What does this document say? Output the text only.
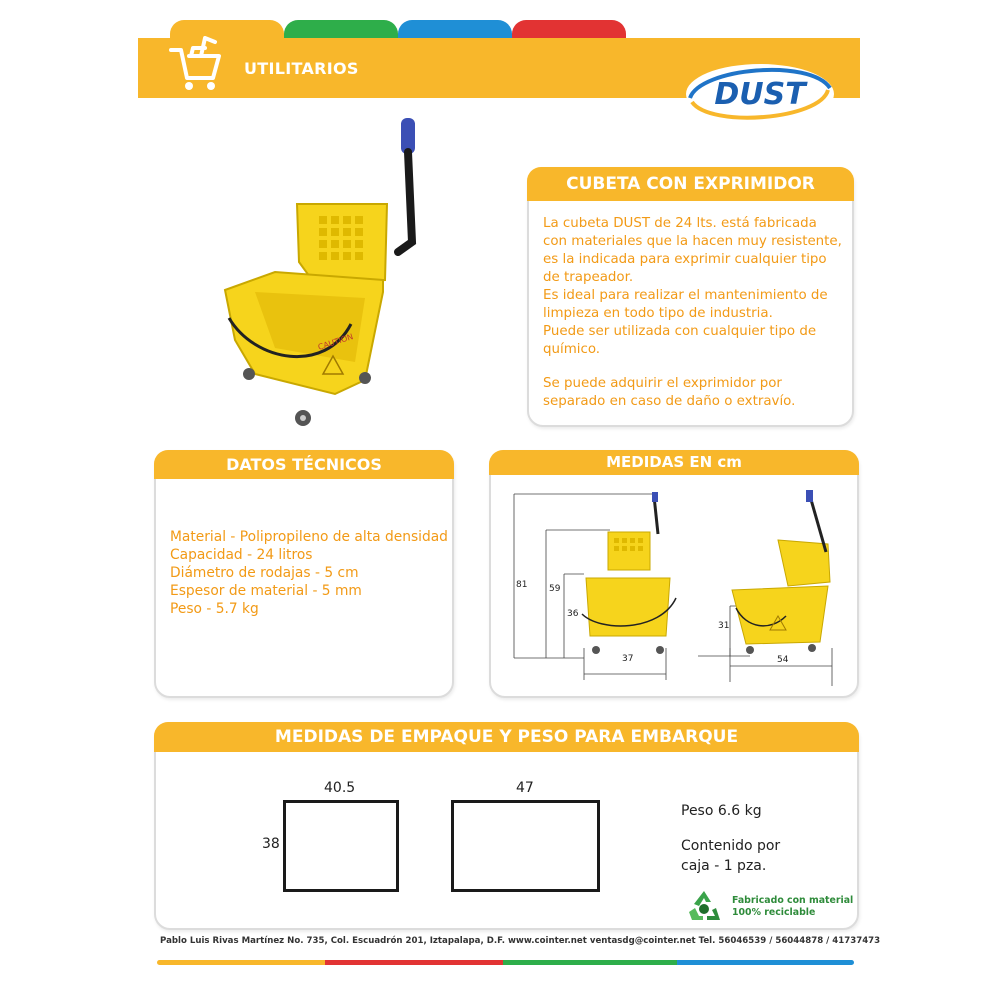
UTILITARIOS
DUST
CAUTION
CUBETA CON EXPRIMIDOR
La cubeta DUST de 24 lts. está fabricada
con materiales que la hacen muy resistente,
es la indicada para exprimir cualquier tipo
de trapeador.
Es ideal para realizar el mantenimiento de
limpieza en todo tipo de industria.
Puede ser utilizada con cualquier tipo de
químico.
Se puede adquirir el exprimidor por
separado en caso de daño o extravío.
DATOS TÉCNICOS
Material - Polipropileno de alta densidad
Capacidad - 24 litros
Diámetro de rodajas - 5 cm
Espesor de material - 5 mm
Peso - 5.7 kg
MEDIDAS EN cm
81 59
36
37
31
54
MEDIDAS DE EMPAQUE Y PESO PARA EMBARQUE
40.5
38
47
Peso 6.6 kg
Contenido por
caja - 1 pza.
Fabricado con material
100% reciclable
Pablo Luis Rivas Martínez No. 735, Col. Escuadrón 201, Iztapalapa, D.F. www.cointer.net ventasdg@cointer.net Tel. 56046539 / 56044878 / 41737473
